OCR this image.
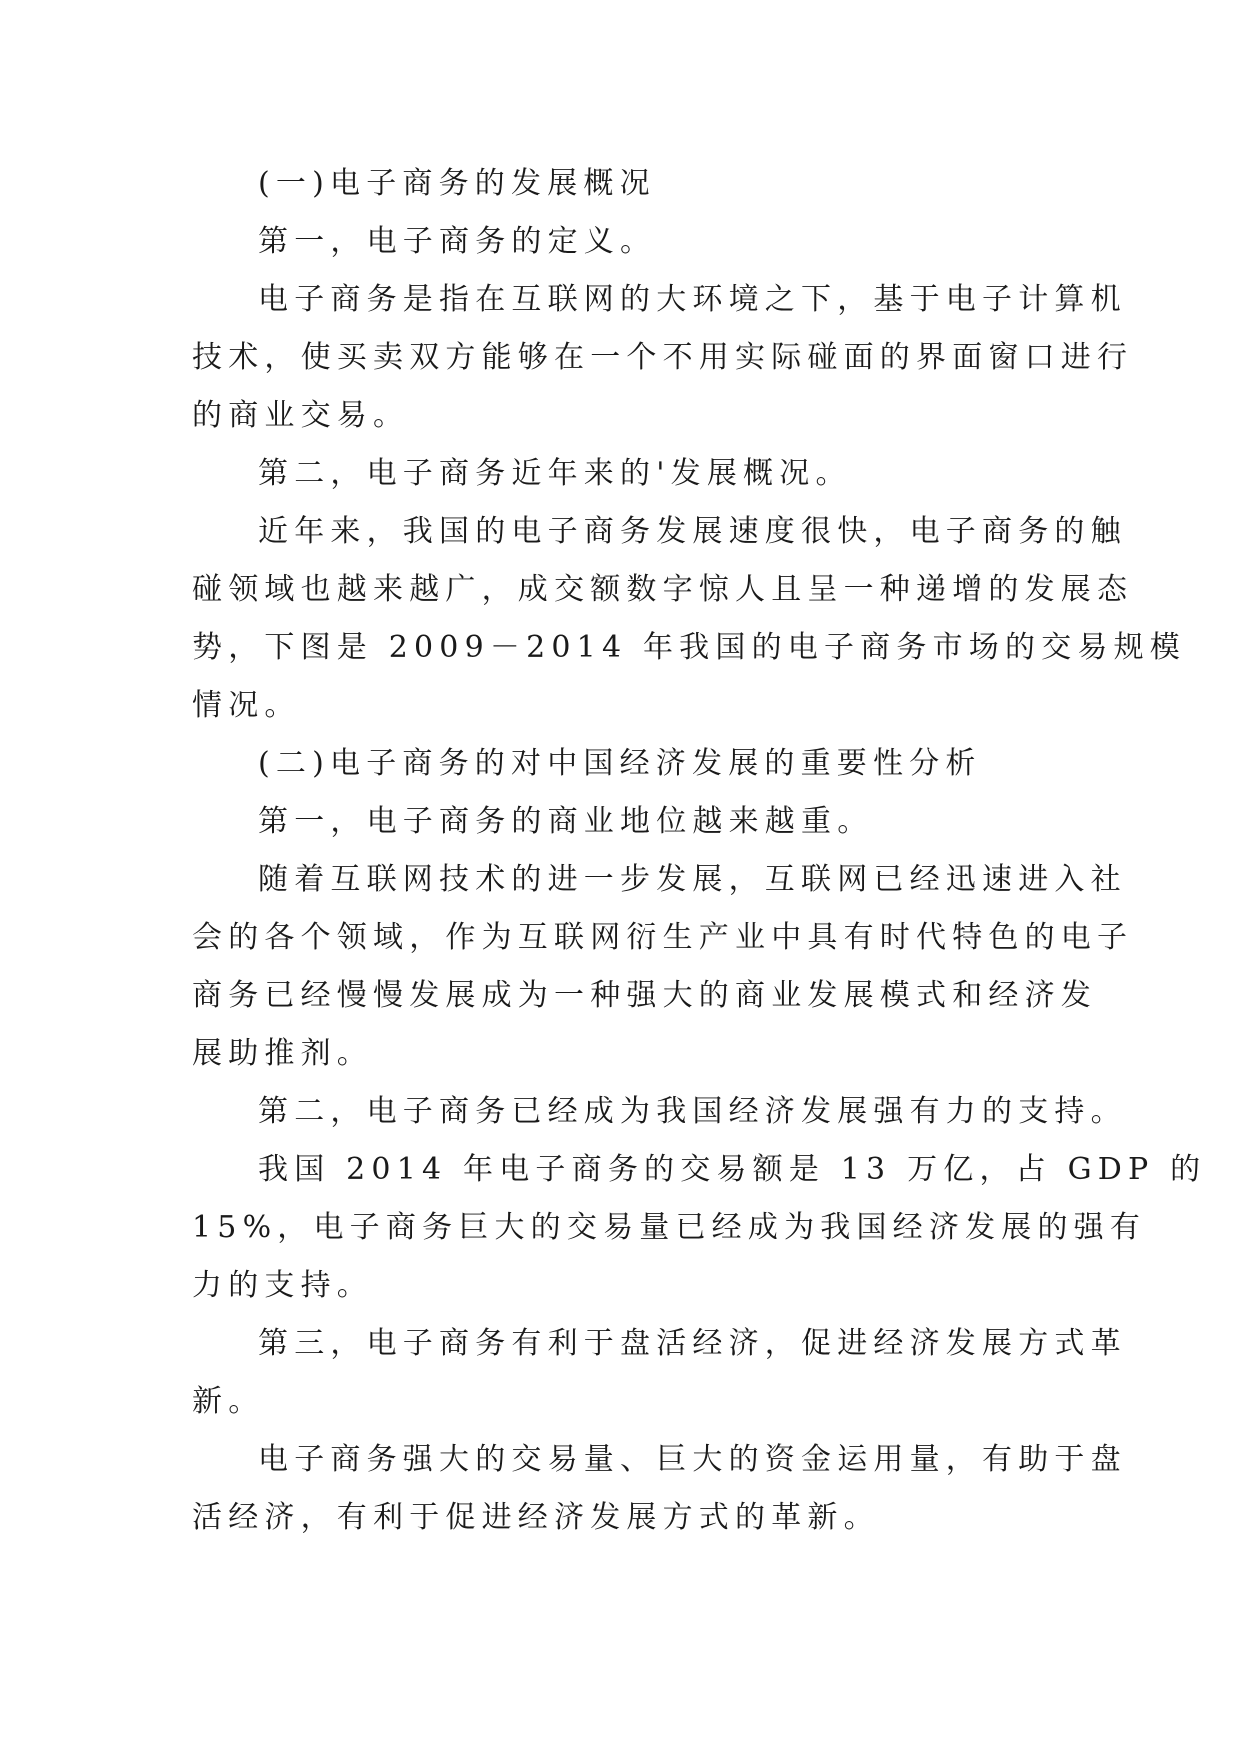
(一)电子商务的发展概况

第一，电子商务的定义。

电子商务是指在互联网的大环境之下，基于电子计算机

技术，使买卖双方能够在一个不用实际碰面的界面窗口进行

的商业交易。

第二，电子商务近年来的'发展概况。

近年来，我国的电子商务发展速度很快，电子商务的触

碰领域也越来越广，成交额数字惊人且呈一种递增的发展态

势，下图是 2009－2014 年我国的电子商务市场的交易规模

情况。

(二)电子商务的对中国经济发展的重要性分析

第一，电子商务的商业地位越来越重。

随着互联网技术的进一步发展，互联网已经迅速进入社

会的各个领域，作为互联网衍生产业中具有时代特色的电子

商务已经慢慢发展成为一种强大的商业发展模式和经济发

展助推剂。

第二，电子商务已经成为我国经济发展强有力的支持。

我国 2014 年电子商务的交易额是 13 万亿，占 GDP 的

15%，电子商务巨大的交易量已经成为我国经济发展的强有

力的支持。

第三，电子商务有利于盘活经济，促进经济发展方式革

新。

电子商务强大的交易量、巨大的资金运用量，有助于盘

活经济，有利于促进经济发展方式的革新。
